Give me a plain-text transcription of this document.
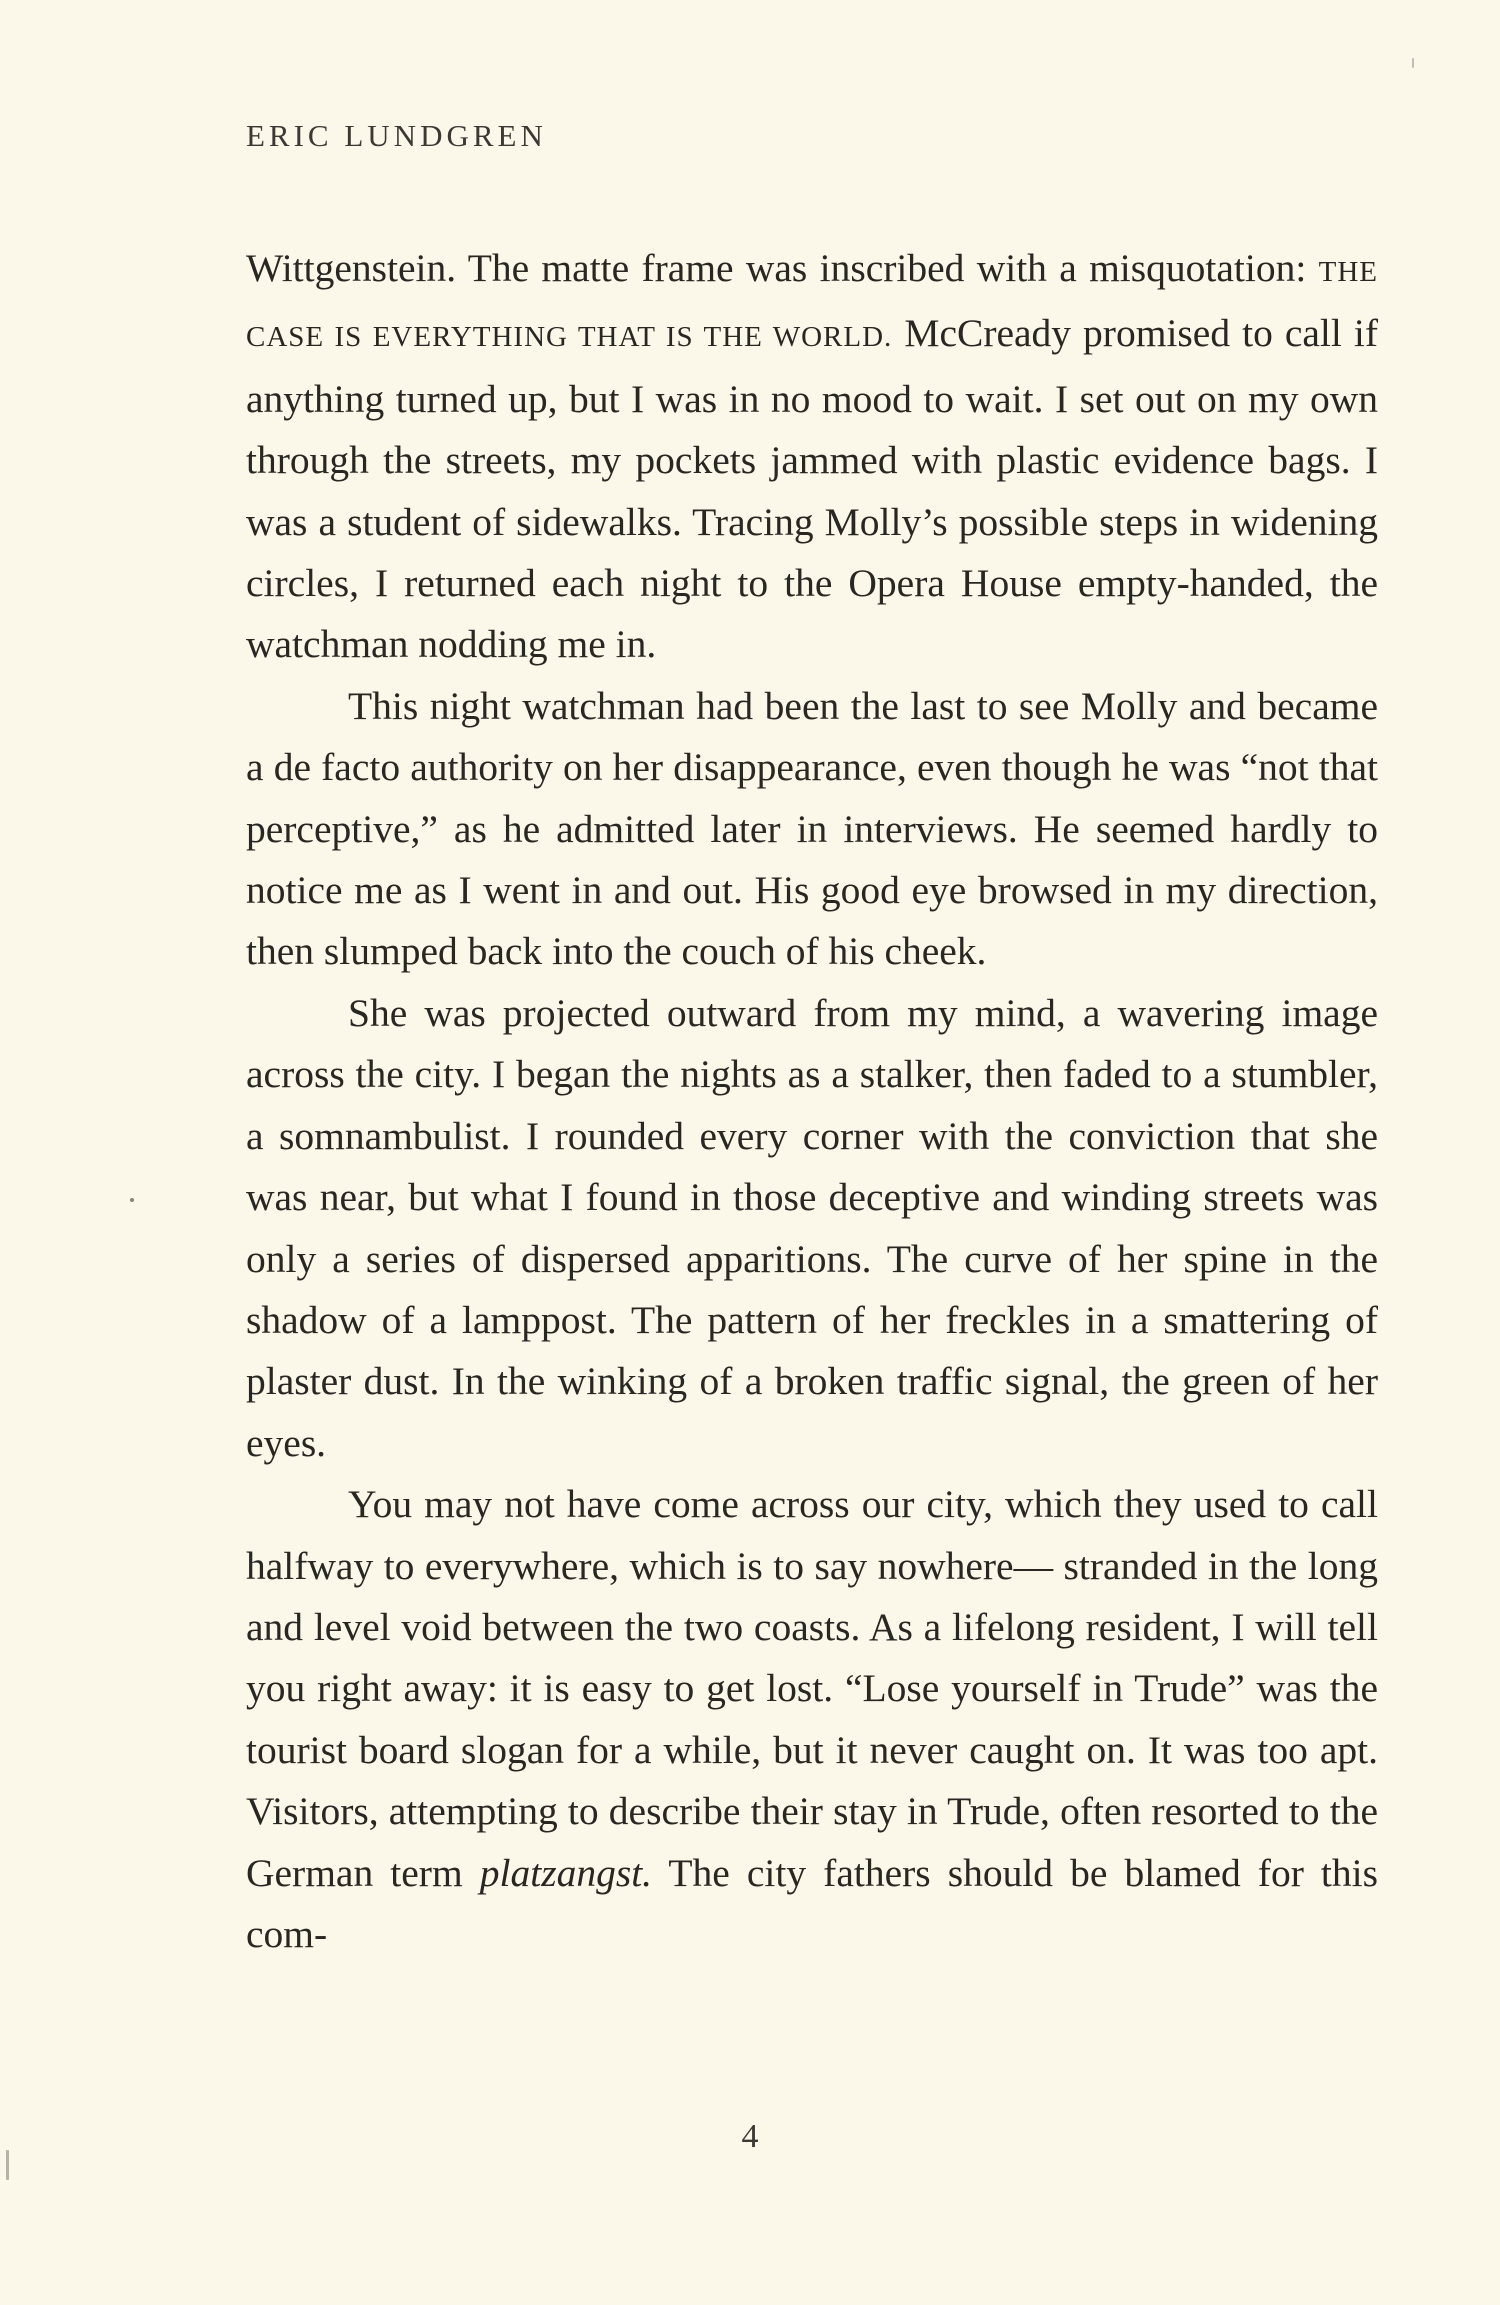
ERIC LUNDGREN

Wittgenstein. The matte frame was inscribed with a misquotation: THE CASE IS EVERYTHING THAT IS THE WORLD. McCready promised to call if anything turned up, but I was in no mood to wait. I set out on my own through the streets, my pockets jammed with plastic evidence bags. I was a student of sidewalks. Tracing Molly’s possible steps in widening circles, I returned each night to the Opera House empty-handed, the watchman nodding me in.

This night watchman had been the last to see Molly and became a de facto authority on her disappearance, even though he was “not that perceptive,” as he admitted later in interviews. He seemed hardly to notice me as I went in and out. His good eye browsed in my direction, then slumped back into the couch of his cheek.

She was projected outward from my mind, a wavering image across the city. I began the nights as a stalker, then faded to a stumbler, a somnambulist. I rounded every corner with the conviction that she was near, but what I found in those deceptive and winding streets was only a series of dispersed apparitions. The curve of her spine in the shadow of a lamppost. The pattern of her freckles in a smattering of plaster dust. In the winking of a broken traffic signal, the green of her eyes.

You may not have come across our city, which they used to call halfway to everywhere, which is to say nowhere— stranded in the long and level void between the two coasts. As a lifelong resident, I will tell you right away: it is easy to get lost. “Lose yourself in Trude” was the tourist board slogan for a while, but it never caught on. It was too apt. Visitors, attempting to describe their stay in Trude, often resorted to the German term platzangst. The city fathers should be blamed for this com-

4
